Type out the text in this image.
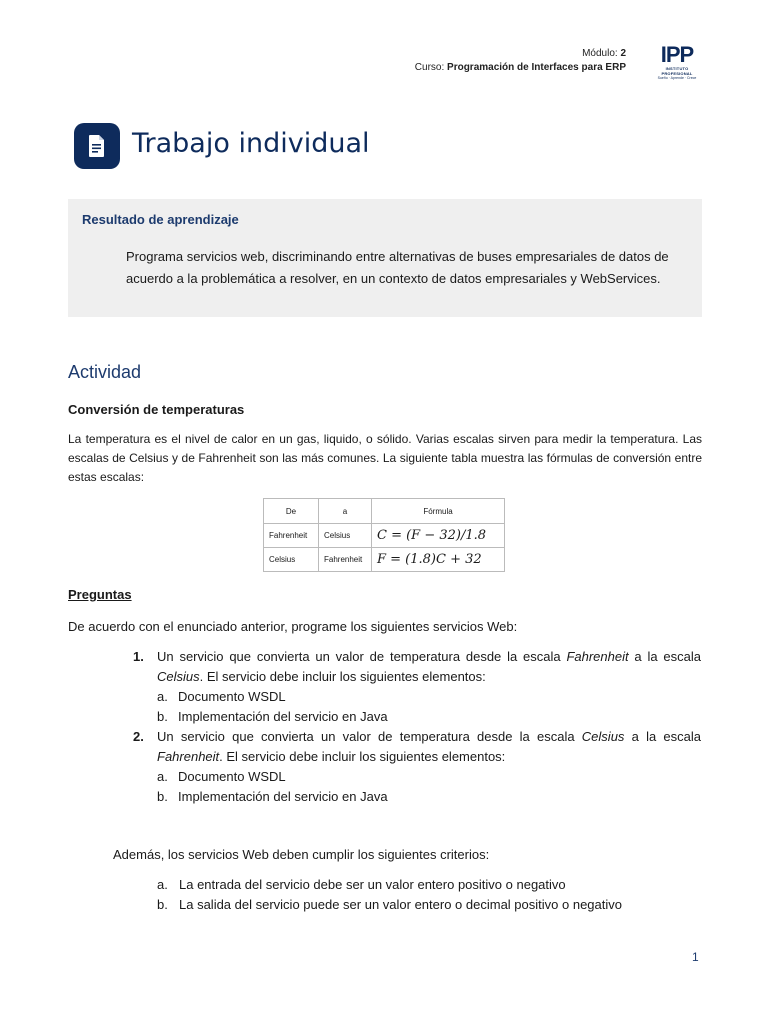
Módulo: 2
Curso: Programación de Interfaces para ERP
IPP
INSTITUTO PROFESIONAL
Sueño · Aprende · Crece
Trabajo individual
Resultado de aprendizaje
Programa servicios web, discriminando entre alternativas de buses empresariales de datos de acuerdo a la problemática a resolver, en un contexto de datos empresariales y WebServices.
Actividad
Conversión de temperaturas
La temperatura es el nivel de calor en un gas, liquido, o sólido. Varias escalas sirven para medir la temperatura. Las escalas de Celsius y de Fahrenheit son las más comunes. La siguiente tabla muestra las fórmulas de conversión entre estas escalas:
De	a	Fórmula
Fahrenheit	Celsius	C = (F − 32)/1.8
Celsius	Fahrenheit	F = (1.8)C + 32
Preguntas
De acuerdo con el enunciado anterior, programe los siguientes servicios Web:
1. Un servicio que convierta un valor de temperatura desde la escala Fahrenheit a la escala Celsius. El servicio debe incluir los siguientes elementos:
a. Documento WSDL
b. Implementación del servicio en Java
2. Un servicio que convierta un valor de temperatura desde la escala Celsius a la escala Fahrenheit. El servicio debe incluir los siguientes elementos:
a. Documento WSDL
b. Implementación del servicio en Java
Además, los servicios Web deben cumplir los siguientes criterios:
a. La entrada del servicio debe ser un valor entero positivo o negativo
b. La salida del servicio puede ser un valor entero o decimal positivo o negativo
1
